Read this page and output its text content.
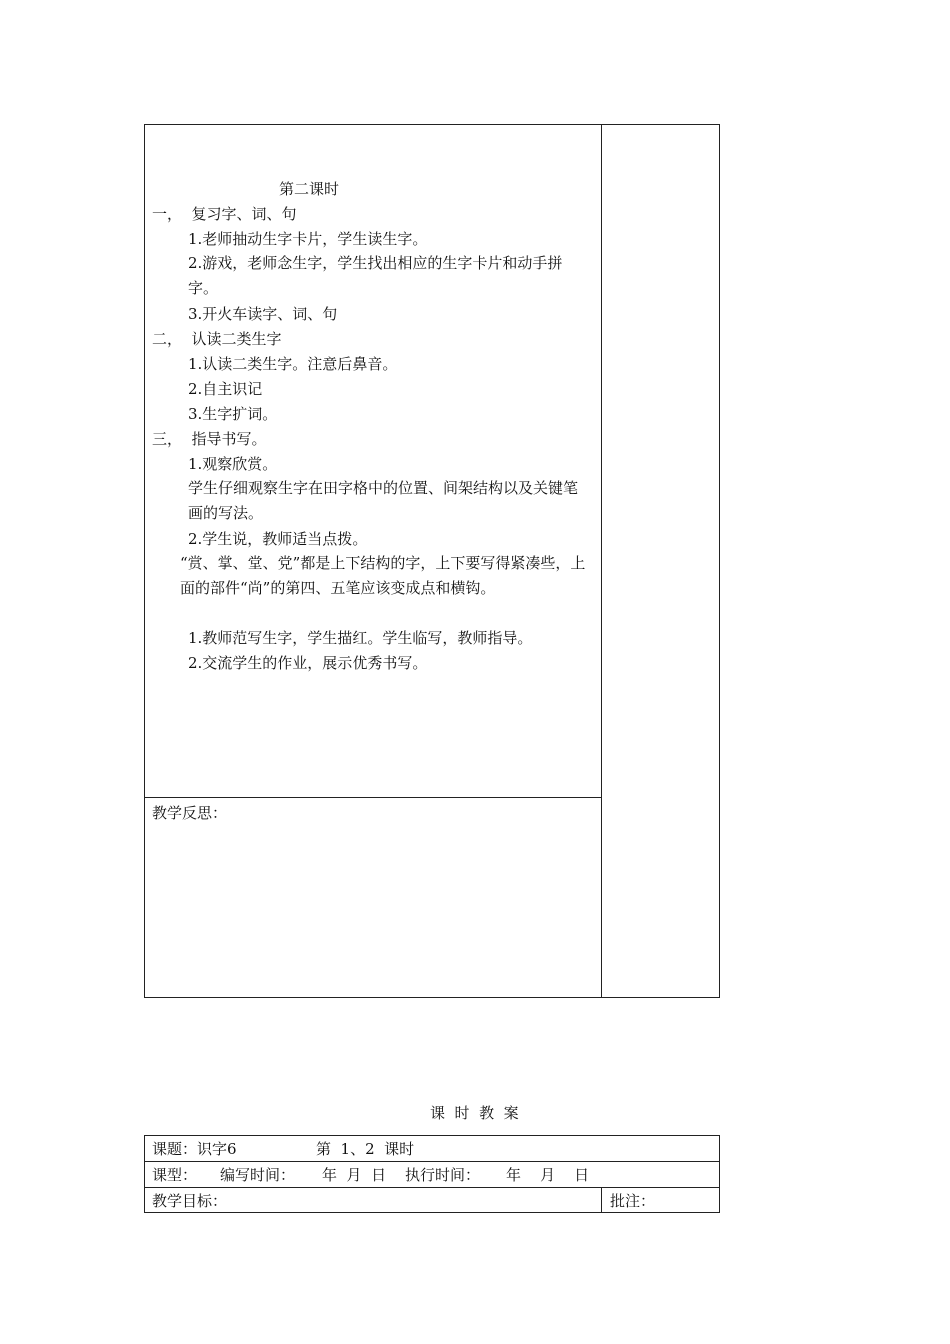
第二课时
一，  复习字、词、句
1.老师抽动生字卡片，学生读生字。
2.游戏，老师念生字，学生找出相应的生字卡片和动手拼字。
3.开火车读字、词、句
二，  认读二类生字
1.认读二类生字。注意后鼻音。
2.自主识记
3.生字扩词。
三，  指导书写。
1.观察欣赏。
学生仔细观察生字在田字格中的位置、间架结构以及关键笔画的写法。
2.学生说，教师适当点拨。
“赏、掌、堂、党”都是上下结构的字，上下要写得紧凑些，上面的部件“尚”的第四、五笔应该变成点和横钩。
1.教师范写生字，学生描红。学生临写，教师指导。
2.交流学生的作业，展示优秀书写。
教学反思：
课  时  教  案
课题：识字6	第  1、2  课时
课型： 编写时间： 年  月  日 执行时间： 年    月    日
教学目标：	批注：
